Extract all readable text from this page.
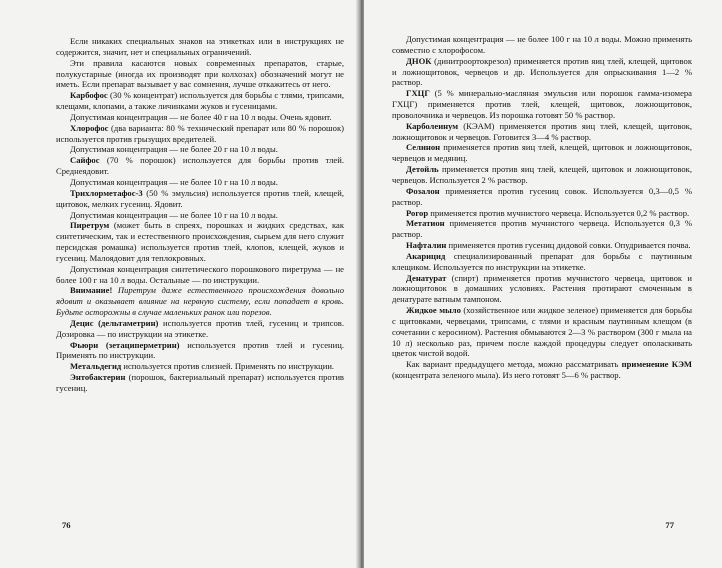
Если никаких специальных знаков на этикетках или в инструкциях не содержится, значит, нет и специальных ограничений.

Эти правила касаются новых современных препаратов, старые, полукустарные (иногда их производят при колхозах) обозначений могут не иметь. Если препарат вызывает у вас сомнения, лучше откажитесь от него.

Карбофос (30 % концентрат) используется для борьбы с тлями, трипсами, клещами, клопами, а также личинками жуков и гусеницами.

Допустимая концентрация — не более 40 г на 10 л воды. Очень ядовит.

Хлорофос (два варианта: 80 % технический препарат или 80 % порошок) используется против грызущих вредителей.

Допустимая концентрация — не более 20 г на 10 л воды.

Сайфос (70 % порошок) используется для борьбы против тлей. Среднеядовит.

Допустимая концентрация — не более 10 г на 10 л воды.

Трихлорметафос-3 (50 % эмульсия) используется против тлей, клещей, щитовок, мелких гусениц. Ядовит.

Допустимая концентрация — не более 10 г на 10 л воды.

Пиретрум (может быть в спреях, порошках и жидких средствах, как синтетическим, так и естественного происхождения, сырьем для него служит персидская ромашка) используется против тлей, клопов, клещей, жуков и гусениц. Малоядовит для теплокровных.

Допустимая концентрация синтетического порошкового пиретрума — не более 100 г на 10 л воды. Остальные — по инструкции.

Внимание! Пиретрум даже естественного происхождения довольно ядовит и оказывает влияние на нервную систему, если попадает в кровь. Будьте осторожны в случае маленьких ранок или порезов.

Децис (дельтаметрин) используется против тлей, гусениц и трипсов. Дозировка — по инструкции на этикетке.

Фьюри (зетациперметрин) используется против тлей и гусениц. Применять по инструкции.

Метальдегид используется против слизней. Применять по инструкции.

Энтобактерин (порошок, бактериальный препарат) используется против гусениц.

76

Допустимая концентрация — не более 100 г на 10 л воды. Можно применять совместно с хлорофосом.

ДНОК (динитроортокрезол) применяется против яиц тлей, клещей, щитовок и ложнощитовок, червецов и др. Используется для опрыскивания 1—2 % раствор.

ГХЦГ (5 % минерально-масляная эмульсия или порошок гамма-изомера ГХЦГ) применяется против тлей, клещей, щитовок, ложнощитовок, проволочника и червецов. Из порошка готовят 50 % раствор.

Карболеинум (КЭАМ) применяется против яиц тлей, клещей, щитовок, ложнощитовок и червецов. Готовится 3—4 % раствор.

Селинон применяется против яиц тлей, клещей, щитовок и ложнощитовок, червецов и медяниц.

Детойль применяется против яиц тлей, клещей, щитовок и ложнощитовок, червецов. Используется 2 % раствор.

Фозалон применяется против гусениц совок. Используется 0,3—0,5 % раствор.

Рогор применяется против мучнистого червеца. Используется 0,2 % раствор.

Метатион применяется против мучнистого червеца. Используется 0,3 % раствор.

Нафталин применяется против гусениц дидовой совки. Опудривается почва.

Акарицид специализированный препарат для борьбы с паутинным клещиком. Используется по инструкции на этикетке.

Денатурат (спирт) применяется против мучнистого червеца, щитовок и ложнощитовок в домашних условиях. Растения протирают смоченным в денатурате ватным тампоном.

Жидкое мыло (хозяйственное или жидкое зеленое) применяется для борьбы с щитовками, червецами, трипсами, с тлями и красным паутинным клещом (в сочетании с керосином). Растения обмываются 2—3 % раствором (300 г мыла на 10 л) несколько раз, причем после каждой процедуры следует ополаскивать цветок чистой водой.

Как вариант предыдущего метода, можно рассматривать применение КЭМ (концентрата зеленого мыла). Из него готовят 5—6 % раствор.

77
